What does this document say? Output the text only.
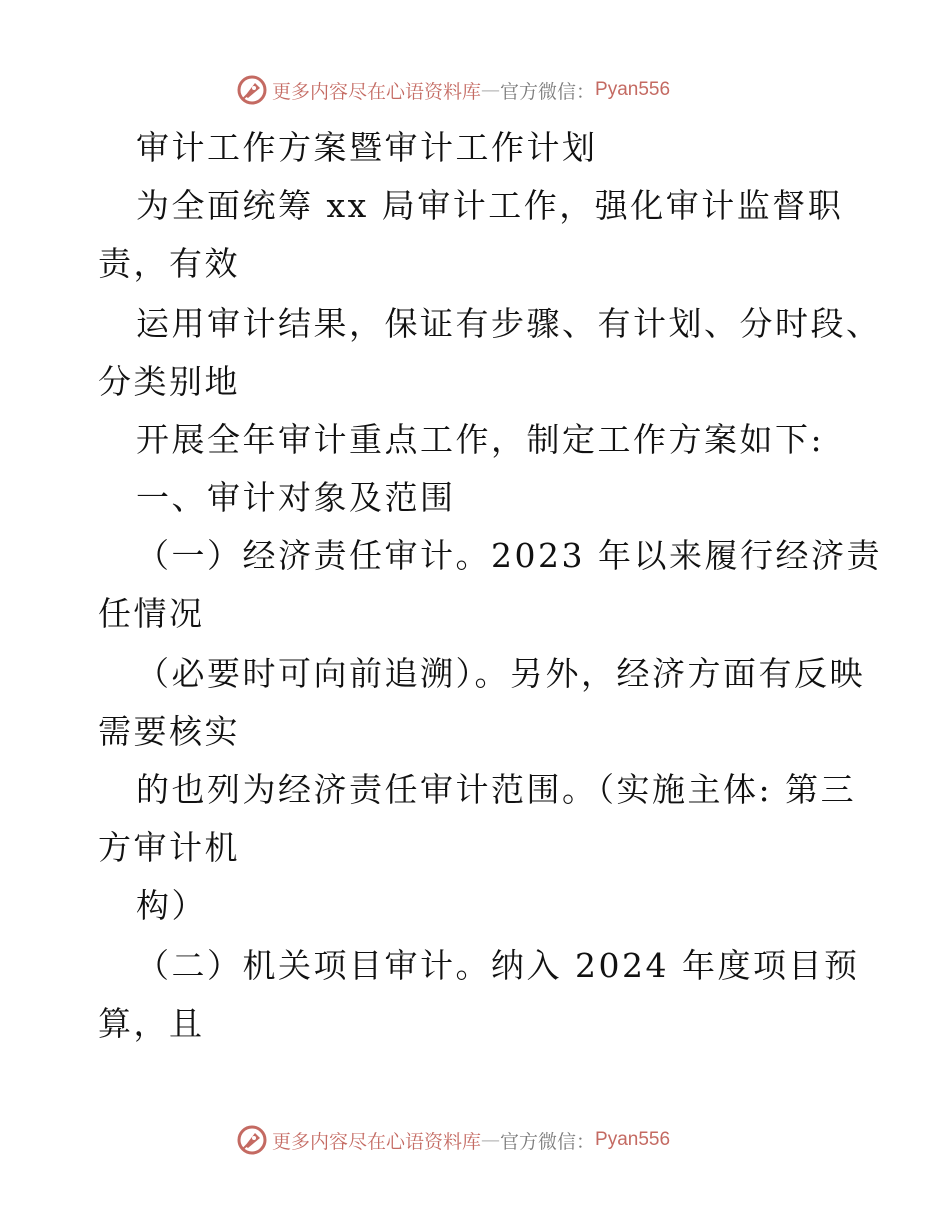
更多内容尽在心语资料库 — 官方微信： Pyan556
审计工作方案暨审计工作计划
为全面统筹 xx 局审计工作，强化审计监督职
责，有效
运用审计结果，保证有步骤、有计划、分时段、
分类别地
开展全年审计重点工作，制定工作方案如下:
一、审计对象及范围
（一）经济责任审计。2023 年以来履行经济责
任情况
（必要时可向前追溯）。另外，经济方面有反映
需要核实
的也列为经济责任审计范围。（实施主体: 第三
方审计机
构）
（二）机关项目审计。纳入 2024 年度项目预
算，且
更多内容尽在心语资料库 — 官方微信： Pyan556
